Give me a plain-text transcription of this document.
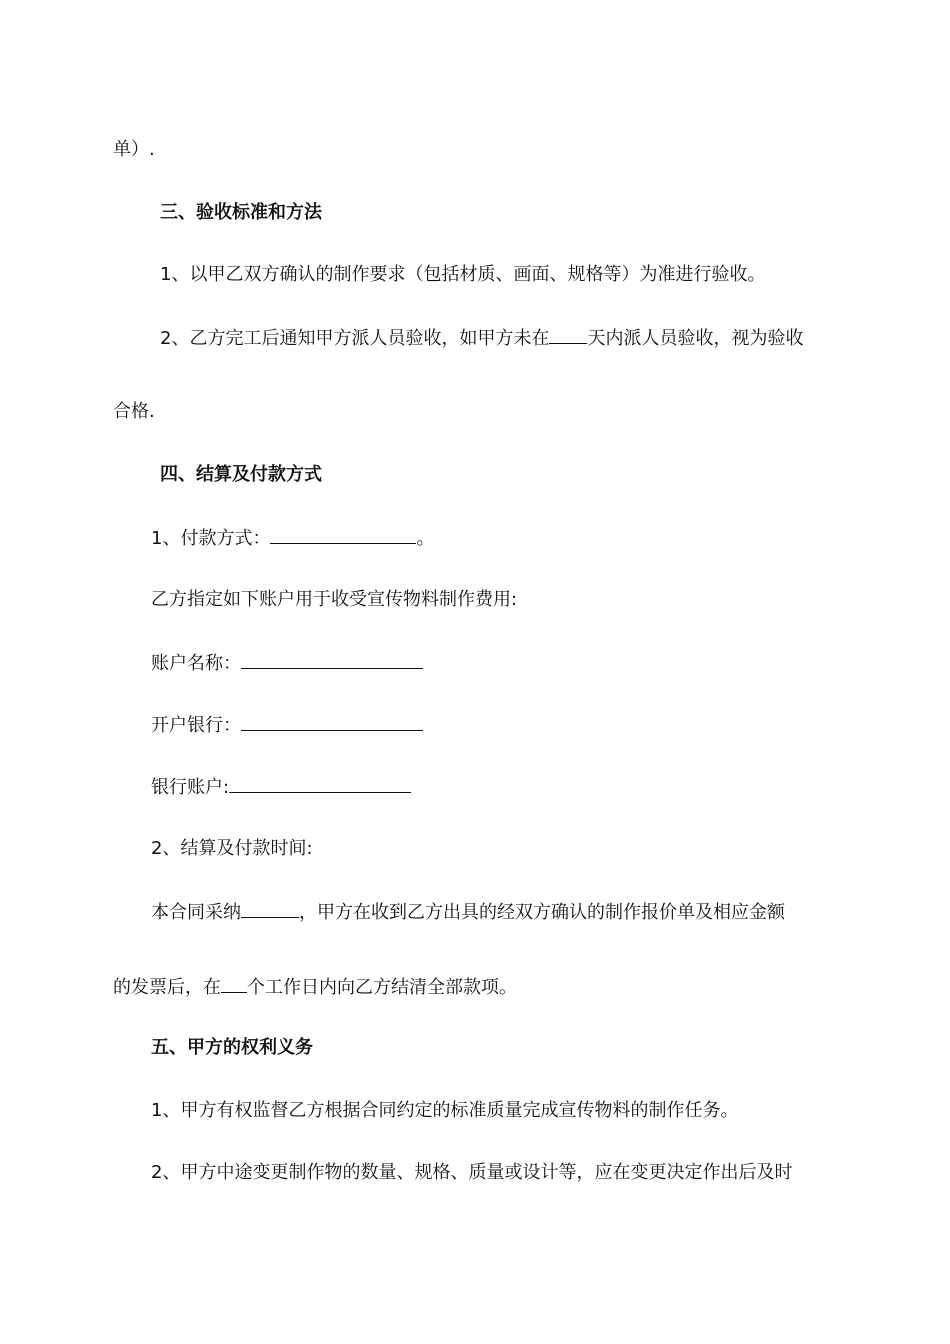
单）.
三、验收标准和方法
1、以甲乙双方确认的制作要求（包括材质、画面、规格等）为准进行验收。
2、乙方完工后通知甲方派人员验收，如甲方未在 天内派人员验收，视为验收
合格.
四、结算及付款方式
1、付款方式：	。
乙方指定如下账户用于收受宣传物料制作费用:
账户名称：
开户银行：
银行账户:
2、结算及付款时间:
本合同采纳	，甲方在收到乙方出具的经双方确认的制作报价单及相应金额
的发票后，在 个工作日内向乙方结清全部款项。
五、甲方的权利义务
1、甲方有权监督乙方根据合同约定的标准质量完成宣传物料的制作任务。
2、甲方中途变更制作物的数量、规格、质量或设计等，应在变更决定作出后及时
